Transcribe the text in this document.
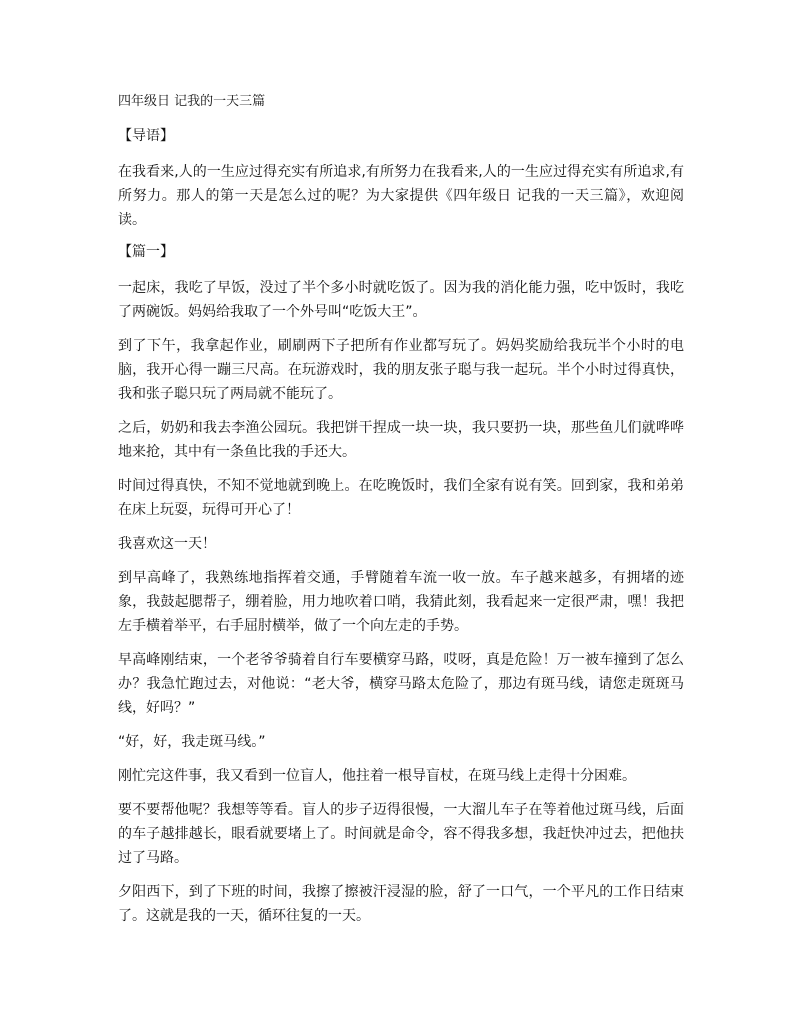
四年级日 记我的一天三篇
【导语】
在我看来,人的一生应过得充实有所追求,有所努力在我看来,人的一生应过得充实有所追求,有所努力。那人的第一天是怎么过的呢？为大家提供《四年级日 记我的一天三篇》，欢迎阅读。
【篇一】
一起床，我吃了早饭，没过了半个多小时就吃饭了。因为我的消化能力强，吃中饭时，我吃了两碗饭。妈妈给我取了一个外号叫“吃饭大王”。
到了下午，我拿起作业，刷刷两下子把所有作业都写玩了。妈妈奖励给我玩半个小时的电脑，我开心得一蹦三尺高。在玩游戏时，我的朋友张子聪与我一起玩。半个小时过得真快，我和张子聪只玩了两局就不能玩了。
之后，奶奶和我去李渔公园玩。我把饼干捏成一块一块，我只要扔一块，那些鱼儿们就哗哗地来抢，其中有一条鱼比我的手还大。
时间过得真快，不知不觉地就到晚上。在吃晚饭时，我们全家有说有笑。回到家，我和弟弟在床上玩耍，玩得可开心了！
我喜欢这一天！
到早高峰了，我熟练地指挥着交通，手臂随着车流一收一放。车子越来越多，有拥堵的迹象，我鼓起腮帮子，绷着脸，用力地吹着口哨，我猜此刻，我看起来一定很严肃，嘿！我把左手横着举平，右手屈肘横举，做了一个向左走的手势。
早高峰刚结束，一个老爷爷骑着自行车要横穿马路，哎呀，真是危险！万一被车撞到了怎么办？我急忙跑过去，对他说：“老大爷，横穿马路太危险了，那边有斑马线，请您走斑斑马线，好吗？”
“好，好，我走斑马线。”
刚忙完这件事，我又看到一位盲人，他拄着一根导盲杖，在斑马线上走得十分困难。
要不要帮他呢？我想等等看。盲人的步子迈得很慢，一大溜儿车子在等着他过斑马线，后面的车子越排越长，眼看就要堵上了。时间就是命令，容不得我多想，我赶快冲过去，把他扶过了马路。
夕阳西下，到了下班的时间，我擦了擦被汗浸湿的脸，舒了一口气，一个平凡的工作日结束了。这就是我的一天，循环往复的一天。
